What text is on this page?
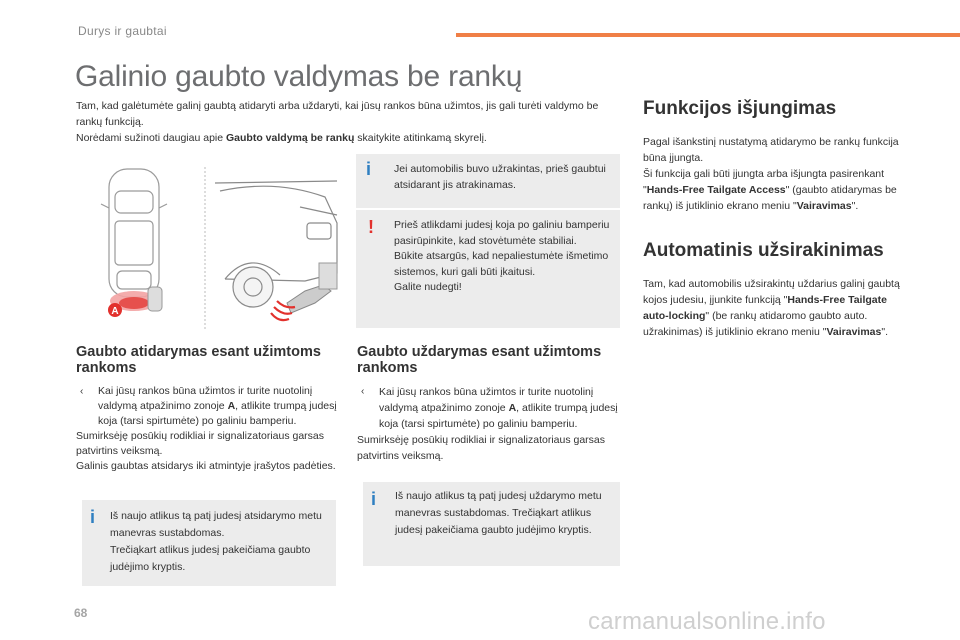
Durys ir gaubtai
Galinio gaubto valdymas be rankų

Tam, kad galėtumėte galinį gaubtą atidaryti arba uždaryti, kai jūsų rankos būna užimtos, jis gali turėti valdymo be rankų funkciją.

Norėdami sužinoti daugiau apie Gaubto valdymą be rankų skaitykite atitinkamą skyrelį.

A
i Jei automobilis buvo užrakintas, prieš gaubtui atsidarant jis atrakinamas.
! Prieš atlikdami judesį koja po galiniu bamperiu pasirūpinkite, kad stovėtumėte stabiliai.
Būkite atsargūs, kad nepaliestumėte išmetimo sistemos, kuri gali būti įkaitusi.
Galite nudegti!
Gaubto atidarymas esant užimtoms rankoms
‹ Kai jūsų rankos būna užimtos ir turite nuotolinį valdymą atpažinimo zonoje A, atlikite trumpą judesį koja (tarsi spirtumėte) po galiniu bamperiu.
Sumirksėję posūkių rodikliai ir signalizatoriaus garsas patvirtins veiksmą.
Galinis gaubtas atsidarys iki atmintyje įrašytos padėties.
i Iš naujo atlikus tą patį judesį atsidarymo metu manevras sustabdomas.
Trečiąkart atlikus judesį pakeičiama gaubto judėjimo kryptis.
Gaubto uždarymas esant užimtoms rankoms
‹ Kai jūsų rankos būna užimtos ir turite nuotolinį valdymą atpažinimo zonoje A, atlikite trumpą judesį koja (tarsi spirtumėte) po galiniu bamperiu.
Sumirksėję posūkių rodikliai ir signalizatoriaus garsas patvirtins veiksmą.
i Iš naujo atlikus tą patį judesį uždarymo metu manevras sustabdomas. Trečiąkart atlikus judesį pakeičiama gaubto judėjimo kryptis.
Funkcijos išjungimas
Pagal išankstinį nustatymą atidarymo be rankų funkcija būna įjungta.
Ši funkcija gali būti įjungta arba išjungta pasirenkant "Hands-Free Tailgate Access" (gaubto atidarymas be rankų) iš jutiklinio ekrano meniu "Vairavimas".
Automatinis užsirakinimas
Tam, kad automobilis užsirakintų uždarius galinį gaubtą kojos judesiu, įjunkite funkciją "Hands-Free Tailgate auto-locking" (be rankų atidaromo gaubto auto. užrakinimas) iš jutiklinio ekrano meniu "Vairavimas".
68	carmanualsonline.info
